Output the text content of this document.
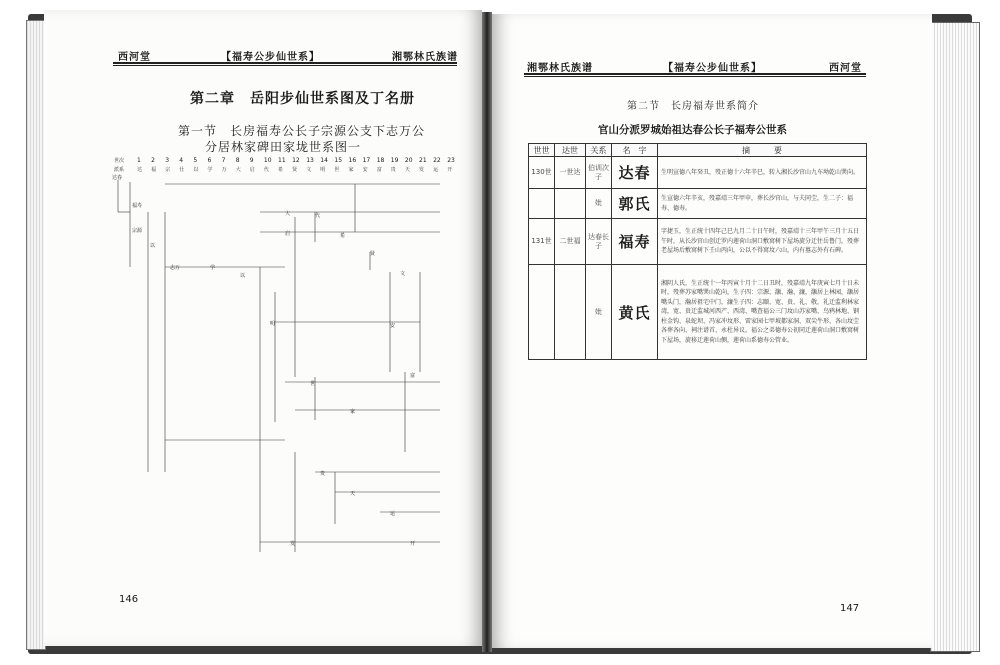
西河堂	【福寿公步仙世系】	湘鄂林氏族谱
第二章　岳阳步仙世系图及丁名册
第一节　长房福寿公长子宗源公支下志万公
分居林家碑田家垅世系图一
世次
派系
1 2 3 4 5 6 7 8 9 10 11 12 13 14 15 16 17 18 19 20 21 22 23
达 福 宗 仕 以 学 万 大 启 代 希 贤 文 明 世 家 安 富 贵 天 发 运 开
达春
福寿
宗源
以
志万	学
以
大
启
代
希
贤
文
明
世
家
安
富
贵
天
发
运
开
146
湘鄂林氏族谱	【福寿公步仙世系】	西河堂
第二节　长房福寿世系简介
官山分派罗城始祖达春公长子福寿公世系
世世	达世	关系	名　字	摘　　　要
130世	一世达	伯训次子	达春	生明宣德八年癸丑，殁正德十六年辛巳，转入湘长沙官山九车坳乾山巽向。
		妣	郭氏	生宣德六年辛亥，殁嘉靖三年甲申，葬长沙官山，与夫同茔，生二子：福寿、德寿。
131世	二世福	达春长子	福寿	字捷玉，生正统十四年己巳九月二十日午时，殁嘉靖十三年甲午三月十五日午时，从长沙官山创迁罗内莲荷山洞口敷窝树下屋场旋分迁往岳鲁门，殁葬老屋场后敷窝树下壬山丙向，公以不得窝坟六山，内有墓志外有石碑。
		妣	黄氏	湘阴人氏，生正统十一年丙寅十月十二日丑时，殁嘉靖九年庚寅七月十日未时，殁葬苏家嘴巽山乾向，生子四：宗源、灏、瀚、濂，灏居上林园，灏居嘴头门，瀚居祖宅中门，濂生子四：志颐、宽、贵、礼、敬，礼迁监利林家湾，宽、贵迁监城河西产、西湾、嘴查福公三门坟山苏家嘴、鸟鸦林地、钢柱金钩、泉蛇坝、冯家冲坟形、雷家园七甲坡都家洞、双尖牛形、各山坟茔各葬各向、祠注谱首、永杜异议。福公之弟德寿公初同迁莲荷山洞口敷窝树下屋场，旋移迁莲荷山侧，莲荷山系德寿公管业。
147
